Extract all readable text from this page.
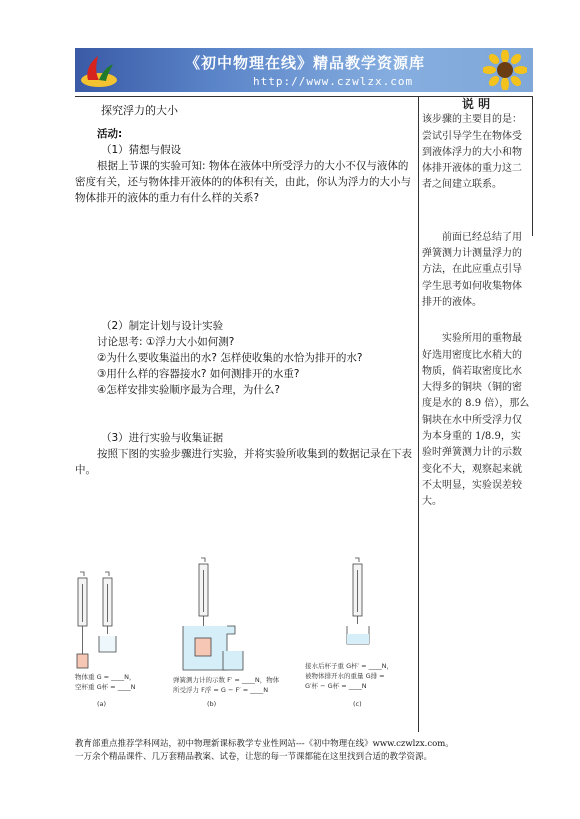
《初中物理在线》精品教学资源库
http://www.czwlzx.com
探究浮力的大小

活动:

（1）猜想与假设

根据上节课的实验可知: 物体在液体中所受浮力的大小不仅与液体的密度有关，还与物体排开液体的的体积有关，由此，你认为浮力的大小与物体排开的液体的重力有什么样的关系?

（2）制定计划与设计实验

讨论思考: ①浮力大小如何测?

②为什么要收集溢出的水? 怎样使收集的水恰为排开的水?

③用什么样的容器接水? 如何测排开的水重?

④怎样安排实验顺序最为合理，为什么?

（3）进行实验与收集证据

按照下图的实验步骤进行实验，并将实验所收集到的数据记录在下表中。

物体重 G = ____N，
空杯重 G杯 = ____N
(a)
弹簧测力计的示数 F′ = ____N，物体
所受浮力 F浮 = G − F′ = ____N
(b)
接水后杯子重 G杯′ = ____N，
被物体排开水的重量 G排 =
G′杯 − G杯 = ____N
(c)

说 明

该步骤的主要目的是：尝试引导学生在物体受到液体浮力的大小和物体排开液体的重力这二者之间建立联系。

前面已经总结了用弹簧测力计测量浮力的方法，在此应重点引导学生思考如何收集物体排开的液体。

实验所用的重物最好选用密度比水稍大的物质，倘若取密度比水大得多的铜块（铜的密度是水的 8.9 倍），那么铜块在水中所受浮力仅为本身重的 1/8.9，实验时弹簧测力计的示数变化不大，观察起来就不太明显，实验误差较大。

教育部重点推荐学科网站，初中物理新课标教学专业性网站---《初中物理在线》www.czwlzx.com。

一万余个精品课件、几万套精品教案、试卷，让您的每一节课都能在这里找到合适的教学资源。
